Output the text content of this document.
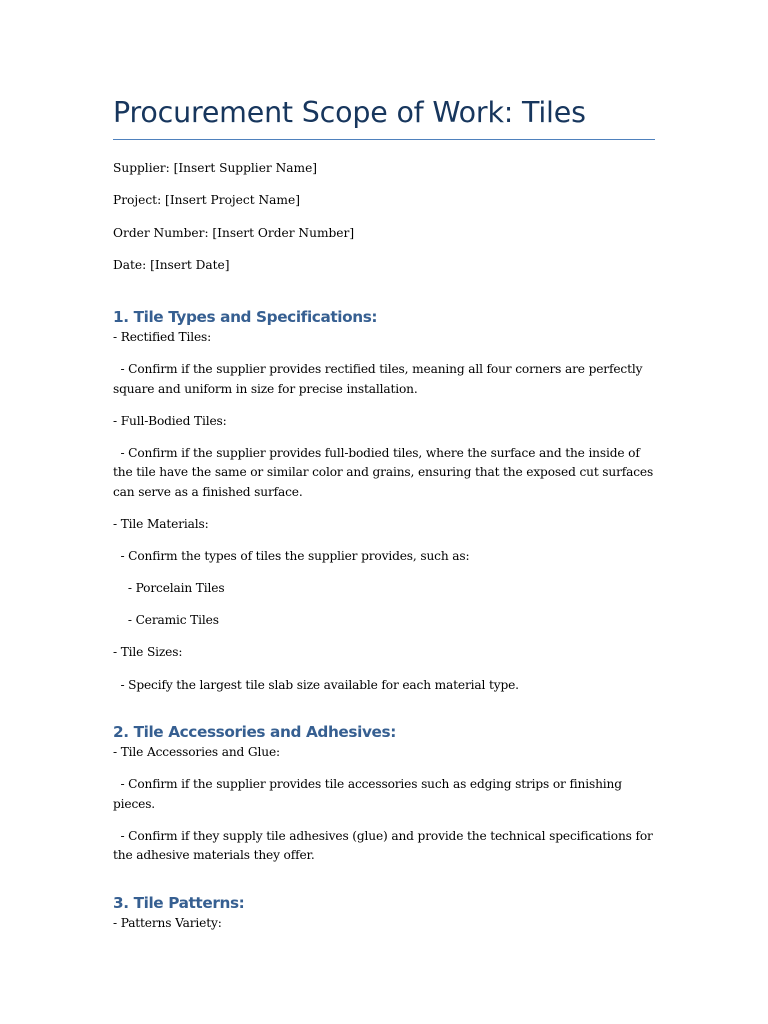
Procurement Scope of Work: Tiles

Supplier: [Insert Supplier Name]

Project: [Insert Project Name]

Order Number: [Insert Order Number]

Date: [Insert Date]

1. Tile Types and Specifications:

- Rectified Tiles:

- Confirm if the supplier provides rectified tiles, meaning all four corners are perfectly square and uniform in size for precise installation.

- Full-Bodied Tiles:

- Confirm if the supplier provides full-bodied tiles, where the surface and the inside of the tile have the same or similar color and grains, ensuring that the exposed cut surfaces can serve as a finished surface.

- Tile Materials:

- Confirm the types of tiles the supplier provides, such as:

- Porcelain Tiles

- Ceramic Tiles

- Tile Sizes:

- Specify the largest tile slab size available for each material type.

2. Tile Accessories and Adhesives:

- Tile Accessories and Glue:

- Confirm if the supplier provides tile accessories such as edging strips or finishing pieces.

- Confirm if they supply tile adhesives (glue) and provide the technical specifications for the adhesive materials they offer.

3. Tile Patterns:

- Patterns Variety:
